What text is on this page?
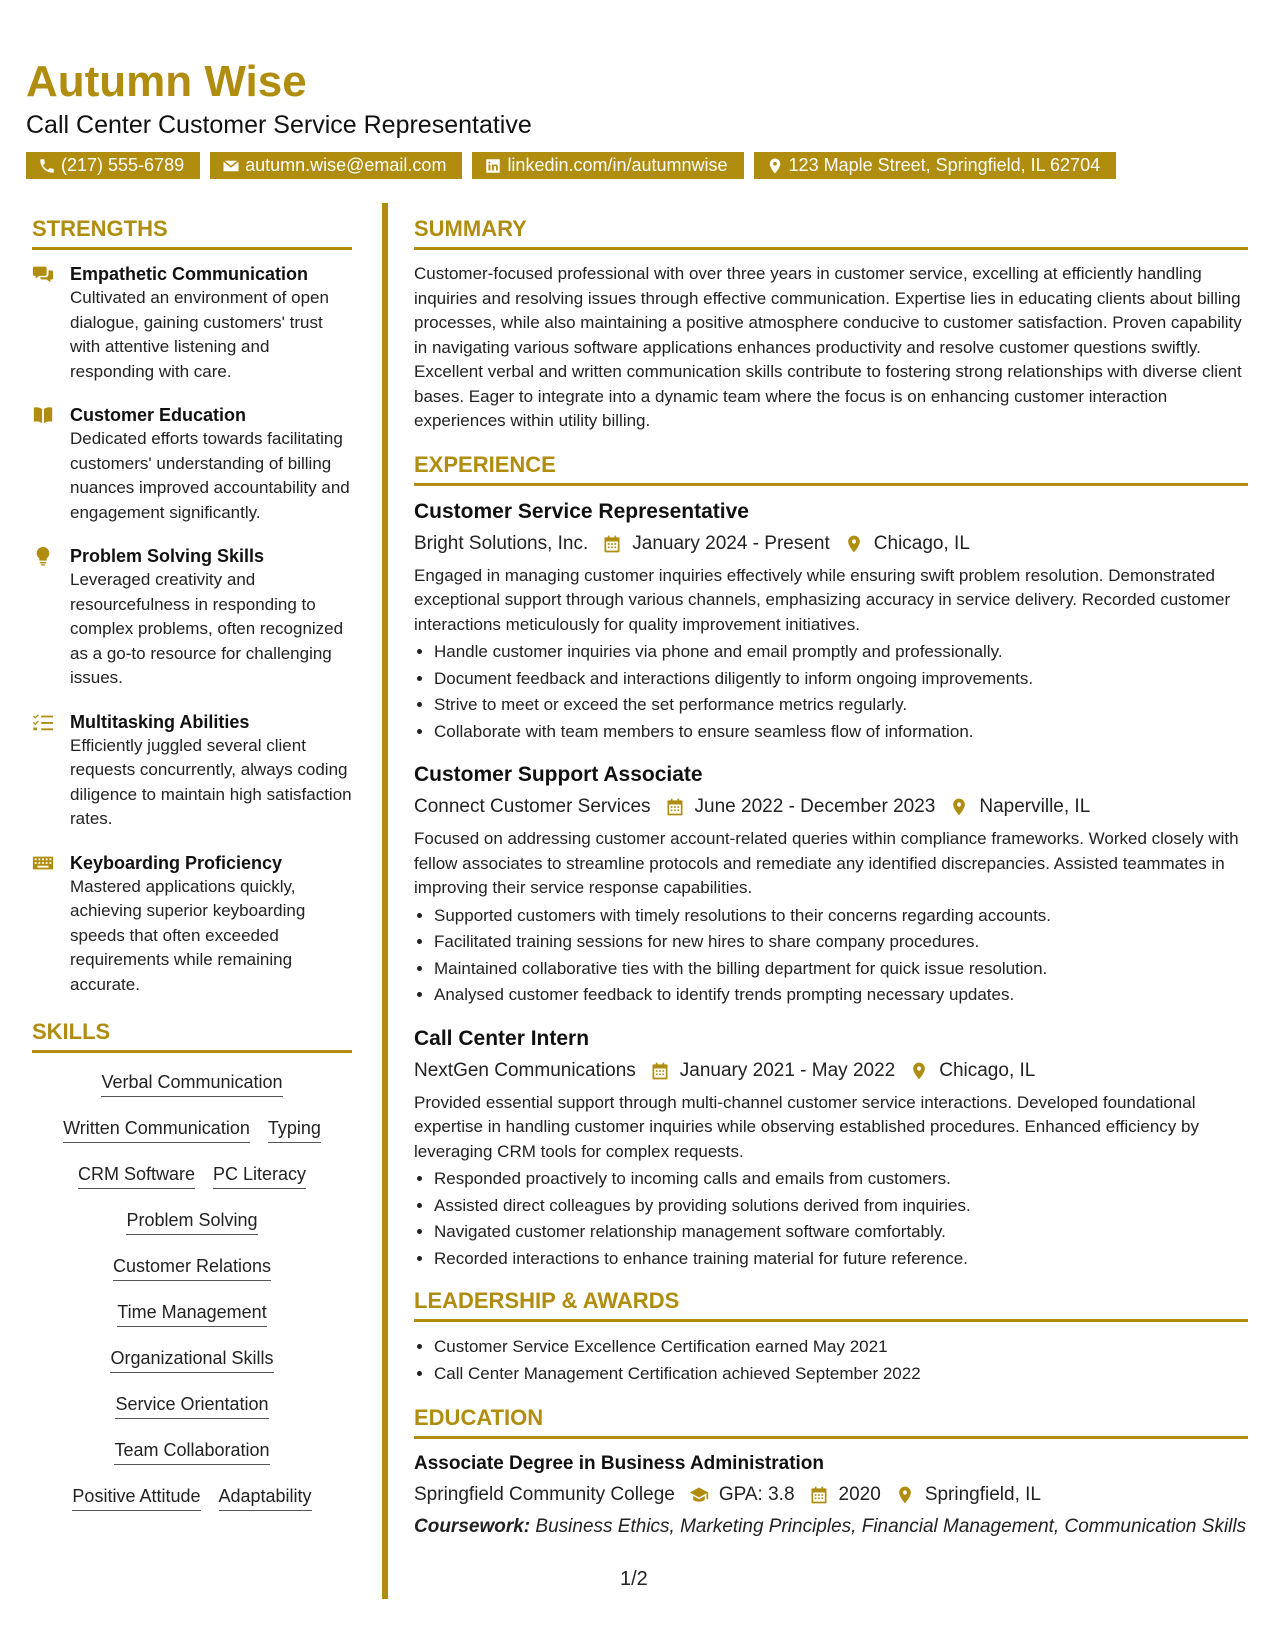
Autumn Wise
Call Center Customer Service Representative
(217) 555-6789	autumn.wise@email.com	linkedin.com/in/autumnwise	123 Maple Street, Springfield, IL 62704
STRENGTHS
Empathetic Communication
Cultivated an environment of open dialogue, gaining customers' trust with attentive listening and responding with care.
Customer Education
Dedicated efforts towards facilitating customers' understanding of billing nuances improved accountability and engagement significantly.
Problem Solving Skills
Leveraged creativity and resourcefulness in responding to complex problems, often recognized as a go-to resource for challenging issues.
Multitasking Abilities
Efficiently juggled several client requests concurrently, always coding diligence to maintain high satisfaction rates.
Keyboarding Proficiency
Mastered applications quickly, achieving superior keyboarding speeds that often exceeded requirements while remaining accurate.
SKILLS
Verbal Communication
Written Communication Typing
CRM Software PC Literacy
Problem Solving
Customer Relations
Time Management
Organizational Skills
Service Orientation
Team Collaboration
Positive Attitude Adaptability
SUMMARY
Customer-focused professional with over three years in customer service, excelling at efficiently handling inquiries and resolving issues through effective communication. Expertise lies in educating clients about billing processes, while also maintaining a positive atmosphere conducive to customer satisfaction. Proven capability in navigating various software applications enhances productivity and resolve customer questions swiftly. Excellent verbal and written communication skills contribute to fostering strong relationships with diverse client bases. Eager to integrate into a dynamic team where the focus is on enhancing customer interaction experiences within utility billing.
EXPERIENCE
Customer Service Representative
Bright Solutions, Inc. January 2024 - Present Chicago, IL
Engaged in managing customer inquiries effectively while ensuring swift problem resolution. Demonstrated exceptional support through various channels, emphasizing accuracy in service delivery. Recorded customer interactions meticulously for quality improvement initiatives.
• Handle customer inquiries via phone and email promptly and professionally.
• Document feedback and interactions diligently to inform ongoing improvements.
• Strive to meet or exceed the set performance metrics regularly.
• Collaborate with team members to ensure seamless flow of information.
Customer Support Associate
Connect Customer Services June 2022 - December 2023 Naperville, IL
Focused on addressing customer account-related queries within compliance frameworks. Worked closely with fellow associates to streamline protocols and remediate any identified discrepancies. Assisted teammates in improving their service response capabilities.
• Supported customers with timely resolutions to their concerns regarding accounts.
• Facilitated training sessions for new hires to share company procedures.
• Maintained collaborative ties with the billing department for quick issue resolution.
• Analysed customer feedback to identify trends prompting necessary updates.
Call Center Intern
NextGen Communications January 2021 - May 2022 Chicago, IL
Provided essential support through multi-channel customer service interactions. Developed foundational expertise in handling customer inquiries while observing established procedures. Enhanced efficiency by leveraging CRM tools for complex requests.
• Responded proactively to incoming calls and emails from customers.
• Assisted direct colleagues by providing solutions derived from inquiries.
• Navigated customer relationship management software comfortably.
• Recorded interactions to enhance training material for future reference.
LEADERSHIP & AWARDS
• Customer Service Excellence Certification earned May 2021
• Call Center Management Certification achieved September 2022
EDUCATION
Associate Degree in Business Administration
Springfield Community College GPA: 3.8 2020 Springfield, IL
Coursework: Business Ethics, Marketing Principles, Financial Management, Communication Skills
1/2
